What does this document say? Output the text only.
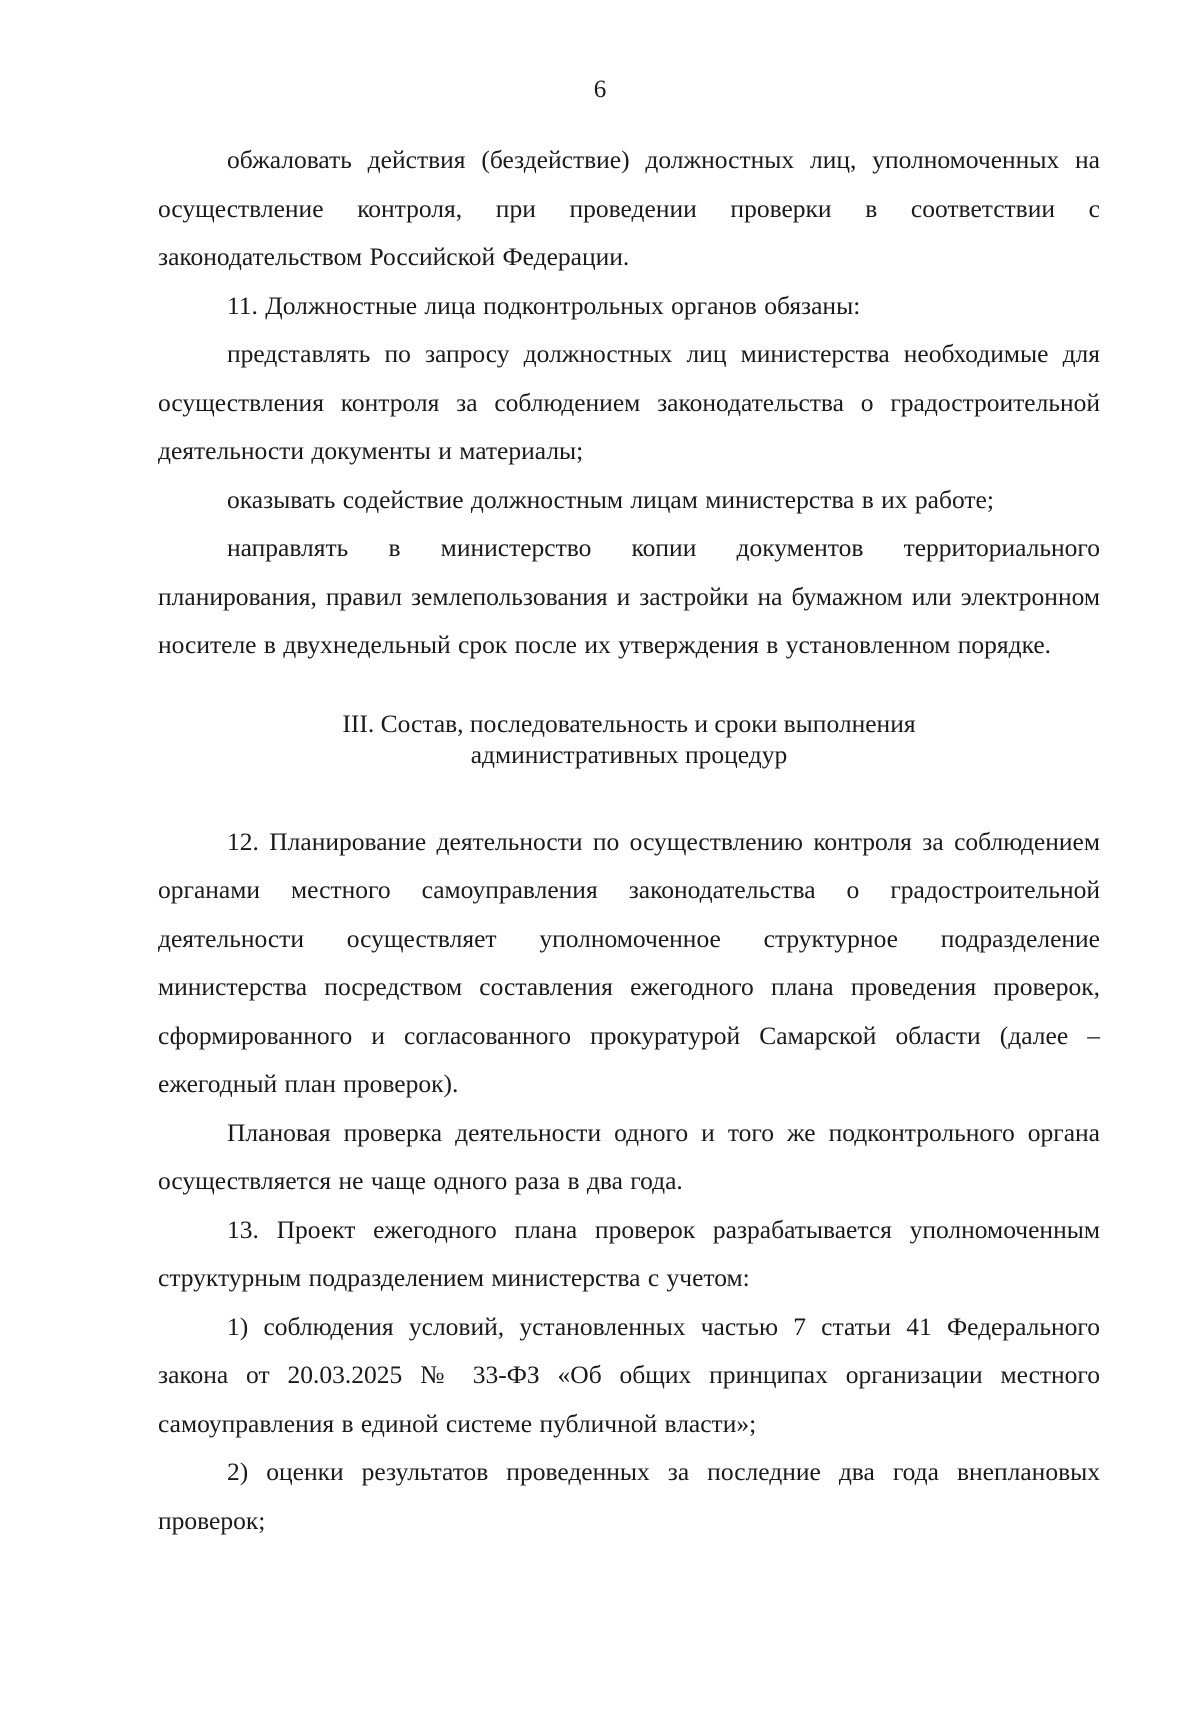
6

обжаловать действия (бездействие) должностных лиц, уполномоченных на осуществление контроля, при проведении проверки в соответствии с законодательством Российской Федерации.

11. Должностные лица подконтрольных органов обязаны:

представлять по запросу должностных лиц министерства необходимые для осуществления контроля за соблюдением законодательства о градостроительной деятельности документы и материалы;

оказывать содействие должностным лицам министерства в их работе;

направлять в министерство копии документов территориального планирования, правил землепользования и застройки на бумажном или электронном носителе в двухнедельный срок после их утверждения в установленном порядке.

III. Состав, последовательность и сроки выполнения
административных процедур

12. Планирование деятельности по осуществлению контроля за соблюдением органами местного самоуправления законодательства о градостроительной деятельности осуществляет уполномоченное структурное подразделение министерства посредством составления ежегодного плана проведения проверок, сформированного и согласованного прокуратурой Самарской области (далее – ежегодный план проверок).

Плановая проверка деятельности одного и того же подконтрольного органа осуществляется не чаще одного раза в два года.

13. Проект ежегодного плана проверок разрабатывается уполномоченным структурным подразделением министерства с учетом:

1) соблюдения условий, установленных частью 7 статьи 41 Федерального закона от 20.03.2025 № 33-ФЗ «Об общих принципах организации местного самоуправления в единой системе публичной власти»;

2) оценки результатов проведенных за последние два года внеплановых проверок;
